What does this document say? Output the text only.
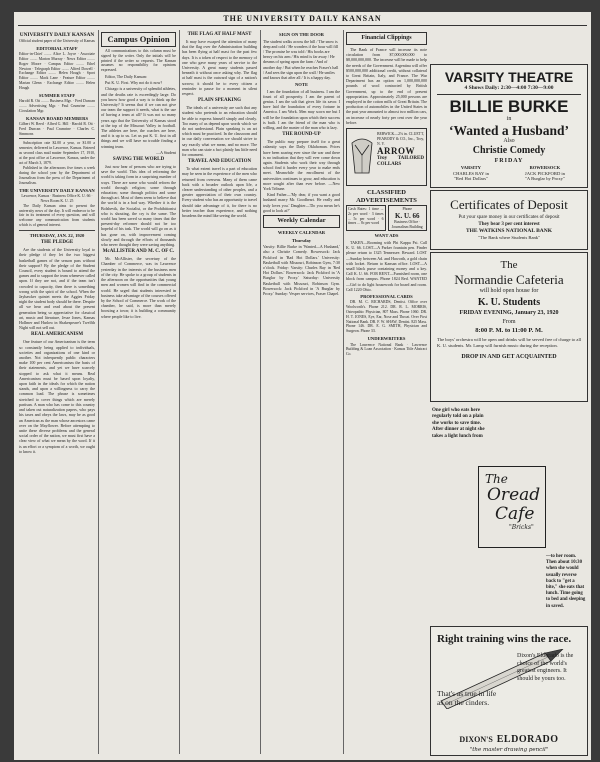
THE UNIVERSITY DAILY KANSAN
UNIVERSITY DAILY KANSAN
Official student paper of the University of Kansas
EDITORIAL STAFF
Editor-in-Chief ........ Alice L. Joyce · Associate Editor ........ Marion Murray · News Editor ........ Roger Moore · Campus Editor ........ Ethel Newton · Telegraph Editor ........ Alfred Dowell · Exchange Editor ........ Helen Hough · Sport Editor ........ Mack Lane · Feature Editor ........ Marian Glenn · Exchange Editor ........ Helen Hough
SUMMER STAFF
Harold R. Ott ........ Business Mgr. · Fred Duncan ........ Advertising Mgr. · Paul Crumrine ........ Circulation Mgr.
KANSAN BOARD MEMBERS
Gilbert W. Reed · Alfred G. Hill · Harold R. Ott · Fred Duncan · Paul Crumrine · Charles C. Simmons
Subscription rate $2.00 a year, or $1.00 a semester, delivered in Lawrence, Kansas. Entered as second class mail matter September 17, 1910, at the post office at Lawrence, Kansas, under the act of March 3, 1879.
Published in the afternoons five times a week during the school year by the Department of Journalism from the press of the Department of Journalism.
THE UNIVERSITY DAILY KANSAN
Lawrence, Kansas · Business Office K. U. 66 · News Room K. U. 25
The Daily Kansan aims to present the university news of the day. It will endeavor to be fair in its treatment of every question, and will welcome any communication from students which is of general interest.
THURSDAY, JAN. 22, 1920
THE PLEDGE
Are the students of the University loyal to their pledge if they let the two biggest basketball games of the season pass without their support? By the pledge of the Student Council, every student is bound to attend the games and to support the team whenever called upon. If they are not, and if the team isn't crowded to capacity, then there is something wrong with the spirit of the school. When the Jayhawker quintet meets the Aggies Friday night the student body should be there. Despite all we hear and read about the present generation being so appreciative for classical art, music and literature, Jesse Jones, Kansas Hollmer and Harlow in Shakespeare's Twelfth Night will not sell out.
REAL AMERICANISM
One feature of our Americanism is the term so constantly being applied to individuals, societies and organizations of one kind or another. Not infrequently public characters make 100 per cent Americanism the basis of their statements, and yet we have scarcely stopped to ask what it means. Real Americanism must be based upon loyalty, upon faith in the ideals for which the nation stands, and upon a willingness to carry the common load. The phrase is sometimes stretched to cover things which are merely partisan. A man who has come to this country and taken out naturalization papers, who pays his taxes and obeys the laws, may be as good an American as the man whose ancestors came over on the Mayflower. Before attempting to unite these diverse problems and the general social order of the nation, we must first have a clear view of what we mean by the word. If it is an effort or a symptom of a worth, we ought to know it.
Campus Opinion
All communications to this column must be signed by the writer. Only the initials will be printed if the writer so requests. The Kansan assumes no responsibility for opinions expressed.
Editor, The Daily Kansan:
Put K. U. First. Why not do it now?
Chicago is a university of splendid athletes, and the deaths rate is exceedingly large. Do you know how good a way is to think up the University? It seems that if we can not give our team the support it needs, what is the use of having a team at all? It was not so many years ago that the University of Kansas stood at the top of the Missouri Valley in football. The athletes are here, the coaches are here, and it is up to us. Let us put K. U. first in all things and we will have no trouble finding a winning team.
—A Student
SAVING THE WORLD
Just now hear of persons who are trying to save the world. This idea of reforming the world is taking form in a surprising number of ways. There are some who would reform the world through religion; some through education; some through politics and some through art. Most of them seem to believe that the world is in a bad way. Whether it is the Bolshevik, the Socialist, or the Prohibitionist who is shouting, the cry is the same. The world has been saved so many times that the present-day reformer should not be too hopeful of his task. The world will go on as it has gone on, with improvement coming slowly and through the efforts of thousands who never thought they were saving anything.
McALLISTER AND M. C. OF C.
Mr. McAllister, the secretary of the Chamber of Commerce, was in Lawrence yesterday in the interests of the business men of the city. He spoke to a group of students in the afternoon on the opportunities that young men and women will find in the commercial world. He urged that students interested in business take advantage of the courses offered by the School of Commerce. The work of the chamber, he said, is more than merely boosting a town; it is building a community where people like to live.
THE FLAG AT HALF MAST
It may have escaped the attention of many that the flag over the Administration building has been flying at half mast for the past few days. It is a token of respect to the memory of one who gave many years of service to the University. A great many students passed beneath it without once asking why. The flag at half mast is the outward sign of a nation's sorrow; it should be to every citizen a reminder to pause for a moment in silent respect.
PLAIN SPEAKING
The ideals of a university are such that any student who pretends to an education should be able to express himself simply and clearly. Too many of us depend upon words which we do not understand. Plain speaking is an art which must be practiced. In the classroom and in our daily conversation we should strive to say exactly what we mean, and no more. The man who can state a fact plainly has little need for ornament.
TRAVEL AND EDUCATION
To what extent travel is a part of education may be seen in the experience of the men who returned from overseas. Many of them came back with a broader outlook upon life, a clearer understanding of other peoples, and a greater appreciation of their own country. Every student who has an opportunity to travel should take advantage of it, for there is no better teacher than experience, and nothing broadens the mind like seeing the world.
SIGN ON THE DOOR
The student walks across the hill / The snow is deep and cold / He wonders if the hour will fill / The promise he was told / His books are heavy on his arm / His mind is far away / He dreams of spring upon the farm / And of another day / But when he reaches Fraser's hall / And sees the sign upon the wall / He smiles and knows that after all / It is a happy day.
NOTE
I am the foundation of all business. I am the fount of all prosperity. I am the parent of genius. I am the salt that gives life its savor. I have laid the foundation of every fortune in America. I am Work. Men may scorn me but I will be the foundation upon which their success is built. I am the friend of the man who is willing, and the master of the man who is lazy.
THE ROUND-UP
The public may prepare itself for a great calamity says the Daily Oklahoman. Prices have been soaring ever since the war and there is no indication that they will ever come down again. Students who work their way through school find it harder every year to make ends meet. Meanwhile the enrollment of the universities continues to grow, and education is more sought after than ever before. —New York Tribune.
Kind Father—'My dear, if you want a good husband marry Mr. Goodheart. He really and truly loves you.' Daughter—'Do you mean he's good to look at?'
Weekly Calendar
WEEKLY CALENDAR
Thursday
Varsity: Billie Burke in 'Wanted—A Husband,' also a Christie Comedy. Bowersock: Jack Pickford in 'Bad Hot Dollars.' University: Basketball with Missouri, Robinson Gym, 7:30 o'clock. Friday: Varsity: Charles Ray in 'Red Hot Dollars.' Bowersock: Jack Pickford in 'A Burglar by Proxy.' Saturday: University Basketball with Missouri, Robinson Gym. Bowersock: Jack Pickford in 'A Burglar by Proxy.' Sunday: Vesper services, Fraser Chapel.
Financial Clippings
The Bank of France will increase its note circulation from $7,000,000,000 to $8,000,000,000. The increase will be made to help the needs of the Government. Argentina will offer $500,000,000 additional credit, without collateral to Great Britain, Italy, and France. The War Department has an option on 1,000,000,000 pounds of wool contracted by British Government, up to the end of present appropriation. Approximately 25,000 persons are employed in the cotton mills of Great Britain. The production of automobiles in the United States in the past year amounted to almost two million cars, an increase of nearly forty per cent over the year before.
BERWICK—2⅛ in. CLUETT, PEABODY & CO., Inc., Troy, N. Y.
ARROW
Troy TAILORED COLLARS
CLASSIFIED ADVERTISEMENTS
Cash Rates: 1 time ... 2c per word · 3 times ... 5c per word · 6 times ... 8c per word
Phone
K. U. 66
Business Office · Journalism Building
WANT ADS
TAKEN—Rooming with Phi Kappa Psi. Call K. U. 66. LOST—A Parker fountain pen. Finder please return to 1325 Tennessee. Reward. LOST—Sunday between Ad. and Haworth, a gold chain with locket. Return to Kansan office. LOST—A small black purse containing money and a key. Call K. U. 66. FOR RENT—Furnished room, one block from campus. Phone 1824 Red. WANTED—Girl to do light housework for board and room. Call 1220 Ohio.
PROFESSIONAL CARDS
DR. M. C. RICHARDS, Dentist. Office over Woolworth's. Phone 212. DR. R. L. MORRIS, Osteopathic Physician, 807 Mass. Phone 1060. DR. H. T. JONES, Eye, Ear, Nose and Throat. Over First National Bank. DR. F. W. SHAW, Dentist. 825 Mass. Phone 146. DR. E. G. SMITH, Physician and Surgeon. Phone 33.
UNDERWRITERS
The Lawrence National Bank · Lawrence Building & Loan Association · Kansas Title Abstract Co.
VARSITY THEATRE
4 Shows Daily: 2:30—4:00 7:30—9:00
BILLIE BURKE
in
‘Wanted a Husband’
Also
Christie Comedy
FRIDAY
VARSITY
CHARLES RAY in
"Red Hot Dollars"
BOWERSOCK
JACK PICKFORD in
"A Burglar by Proxy"
Certificates of Deposit
Put your spare money in our certificates of deposit
They bear 3 per cent interest
THE WATKINS NATIONAL BANK
"The Bank where Students Bank"
The
Normandie Cafeteria
will hold open house for
K. U. Students
FRIDAY EVENING, January 23, 1920
From
8:00 P. M. to 11:00 P. M.
The boys' orchestra will be open and drinks will be served free of charge to all K. U. students. Mr. Lamp will furnish music during the reception.
DROP IN AND GET ACQUAINTED
One girl who eats here regularly told on a plain she works to save time. After dinner at night she takes a light lunch from
The
Oread
Cafe
"Bricks"
—to her room. Then about 10:30 when she would usually reverse back to "get a bite," she eats that lunch. Time going to bed and sleeping in saved.
Right training wins the race.
That's as true in life as on the cinders.
Dixon's Eldorado is the choice of the world's greatest engineers. It should be yours too.
DIXON'S ELDORADO
"the master drawing pencil"
